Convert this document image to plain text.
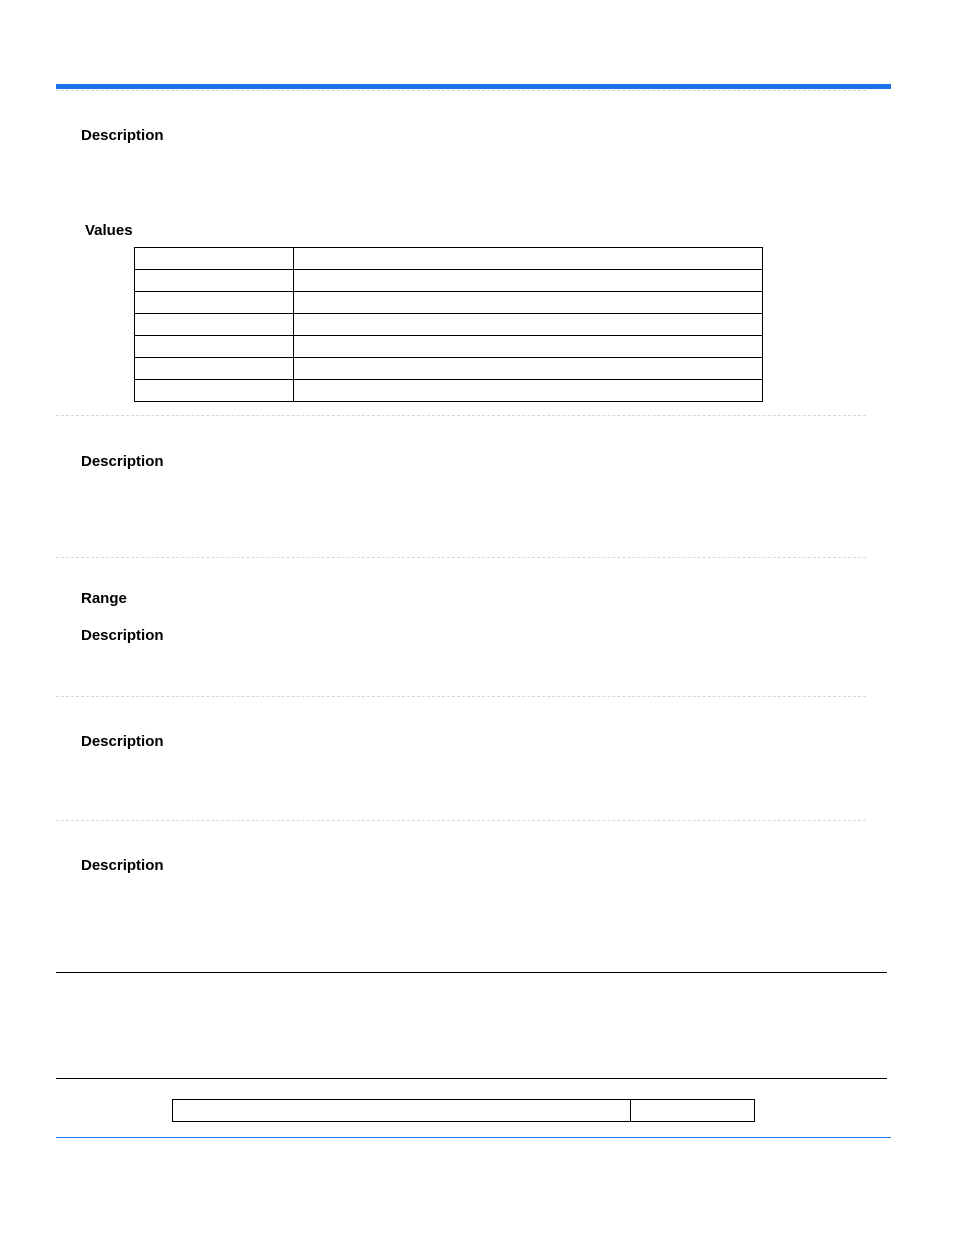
Description
Values

Description
Range
Description
Description
Description
